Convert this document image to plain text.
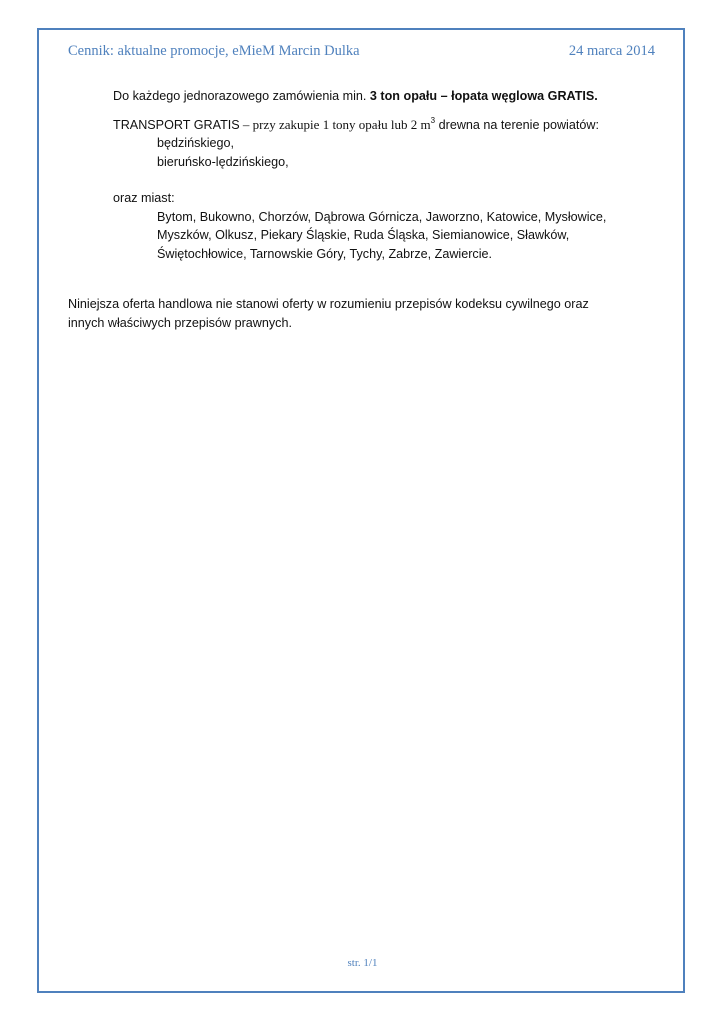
Cennik: aktualne promocje, eMieM Marcin Dulka	24 marca 2014

Do każdego jednorazowego zamówienia min. 3 ton opału – łopata węglowa GRATIS.

TRANSPORT GRATIS – przy zakupie 1 tony opału lub 2 $m^3$ drewna na terenie powiatów:

będzińskiego,

bieruńsko-lędzińskiego,

oraz miast:

Bytom, Bukowno, Chorzów, Dąbrowa Górnicza, Jaworzno, Katowice, Mysłowice,

Myszków, Olkusz, Piekary Śląskie, Ruda Śląska, Siemianowice, Sławków,

Świętochłowice, Tarnowskie Góry, Tychy, Zabrze, Zawiercie.

Niniejsza oferta handlowa nie stanowi oferty w rozumieniu przepisów kodeksu cywilnego oraz

innych właściwych przepisów prawnych.

str. 1/1
